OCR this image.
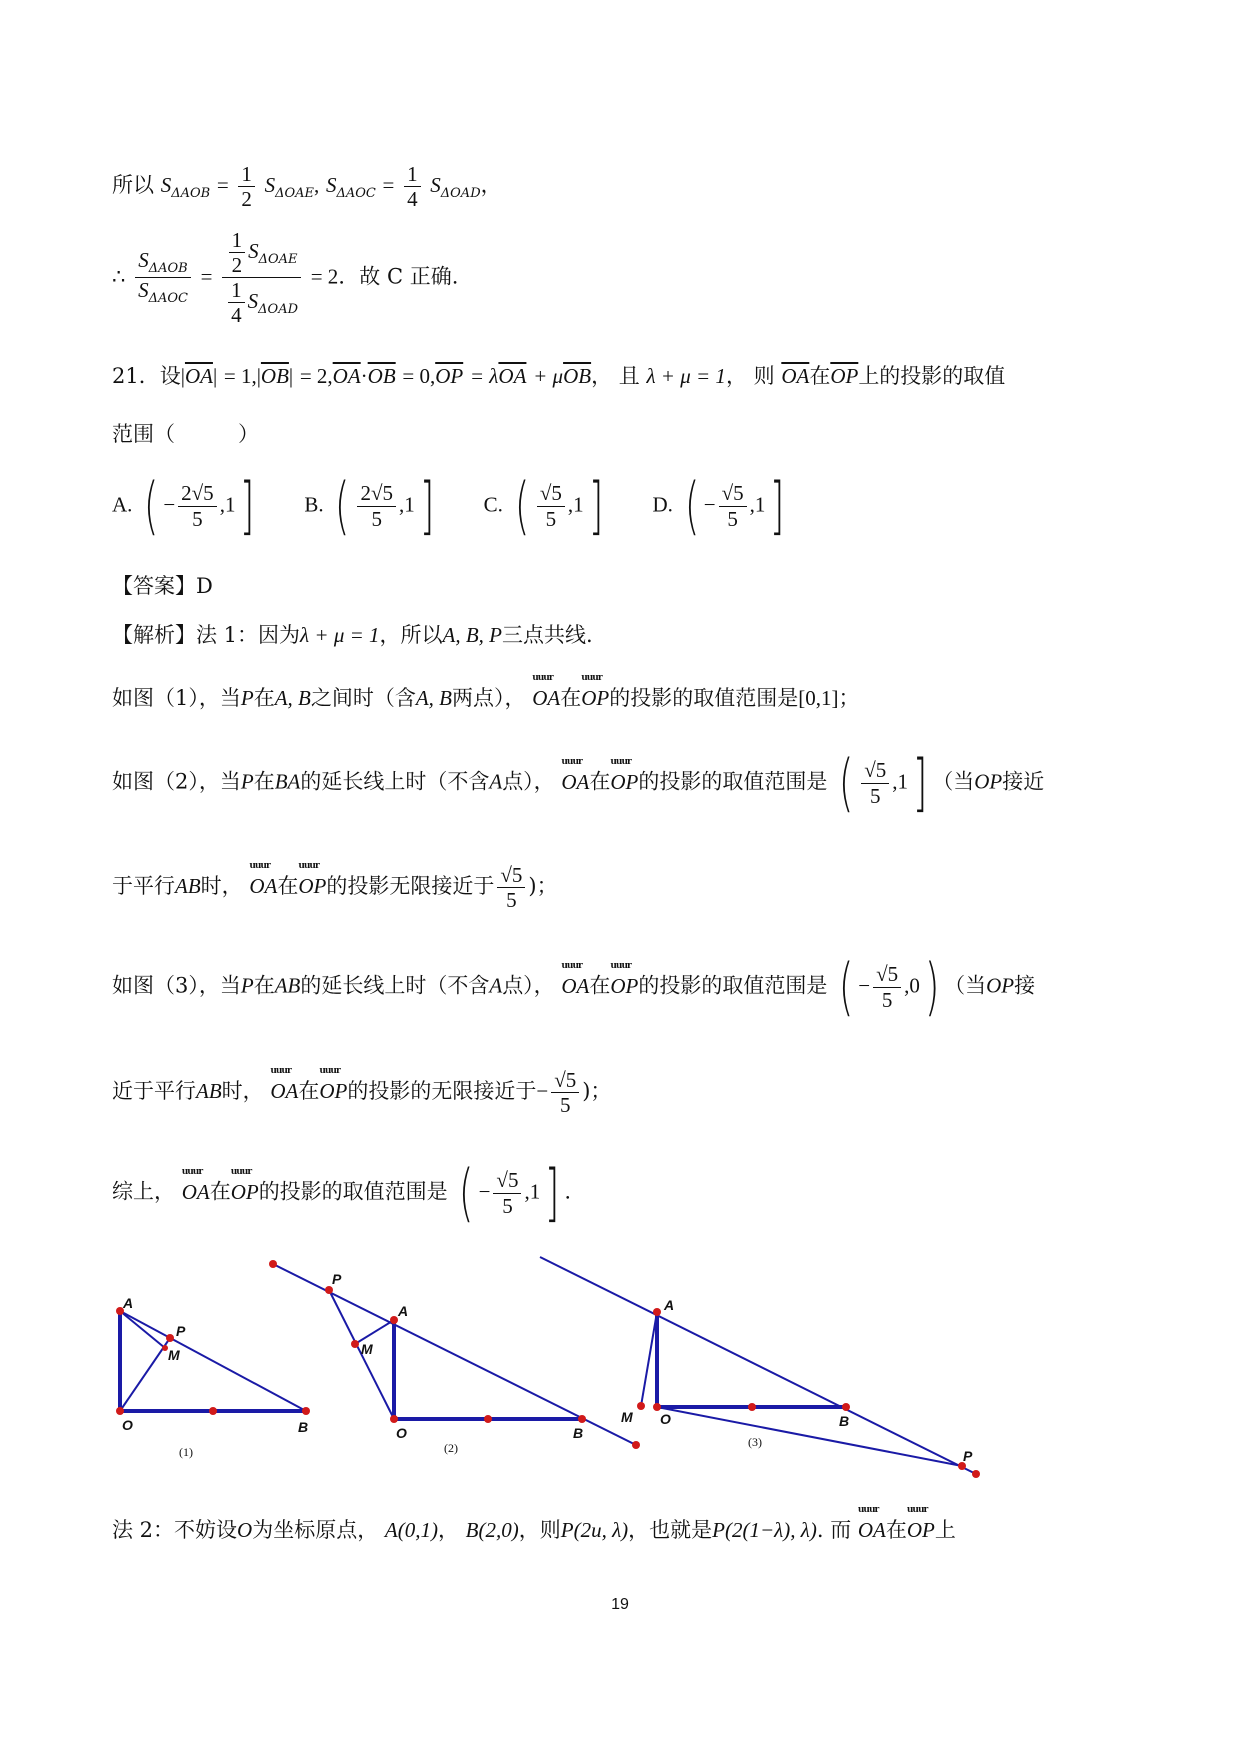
所以 $S_{\Delta AOB} = \frac{1}{2} S_{\Delta OAE}$, $S_{\Delta AOC} = \frac{1}{4} S_{\Delta OAD}$，
∴ $\frac{S_{\Delta AOB}}{S_{\Delta AOC}} = \frac{\frac{1}{2} S_{\Delta OAE}}{\frac{1}{4} S_{\Delta OAD}} = 2$．故 C 正确.
21．设$|\overline{OA}| = 1,|\overline{OB}| = 2,\overline{OA}\cdot\overline{OB} = 0,\overline{OP} = \lambda\overline{OA} + \mu\overline{OB}$， 且 λ + μ = 1， 则 $\overline{OA}$在$\overline{OP}$上的投影的取值
范围（　　　）
A. ( − $\frac{2√5}{5} ,1$] B. ( $\frac{2√5}{5} ,1$] C. ( $\frac{√5}{5} ,1$] D. ( − $\frac{√5}{5} ,1$]
【答案】D
【解析】法 1：因为λ + μ = 1，所以A, B, P三点共线.
如图（1），当P在A, B之间时（含A, B两点），
uuur
OA在
uuur
OP的投影的取值范围是[0,1]；
如图（2），当P在BA的延长线上时（不含A点），
uuur
OA在
uuur
OP的投影的取值范围是 ( $\frac{√5}{5} ,1$] （当OP接近
于平行AB时，
uuur
OA在
uuur
OP的投影无限接近于 $\frac{√5}{5}$ )；
如图（3），当P在AB的延长线上时（不含A点），
uuur
OA在
uuur
OP的投影的取值范围是 ( − $\frac{√5}{5} ,0$) （当OP接
近于平行AB时，
uuur
OA在
uuur
OP的投影的无限接近于− $\frac{√5}{5}$ )；
综上，
uuur
OA在
uuur
OP的投影的取值范围是 ( − $\frac{√5}{5} ,1$] .
A
P
M
O	B
(1)
P
A
M
O	B
(2)
A
M O	B
P
(3)
法 2：不妨设O为坐标原点， A(0,1)， B(2,0)，则P(2u, λ)，也就是P(2(1−λ), λ). 而
uuur
OA在
uuur
OP上
19
